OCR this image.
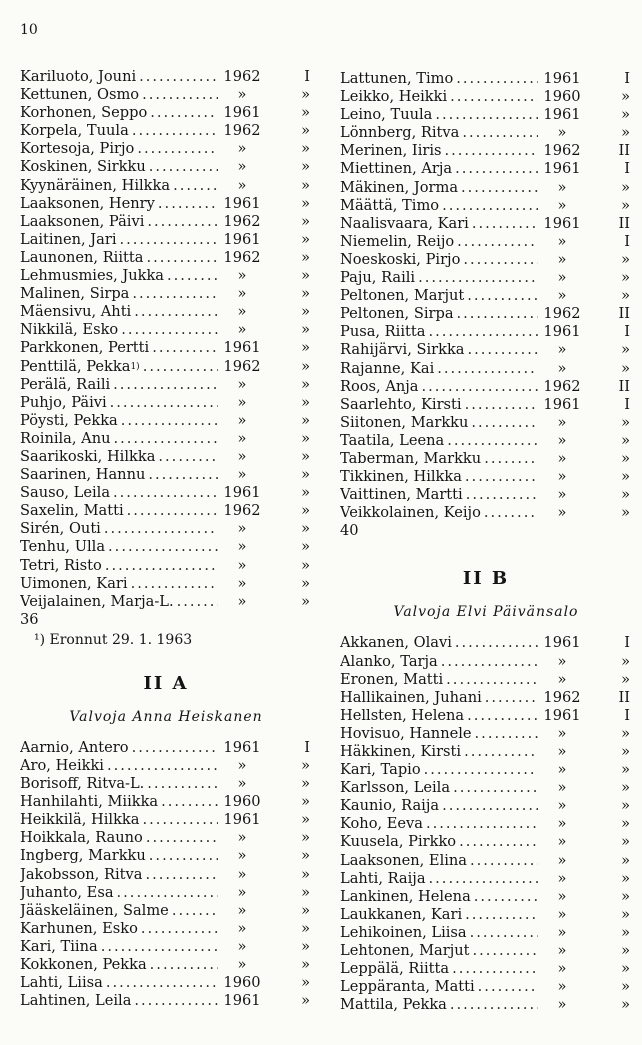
10
Kariluoto, Jouni .....	1962	I
Kettunen, Osmo .....	»	»
Korhonen, Seppo .....	1961	»
Korpela, Tuula .....	1962	»
Kortesoja, Pirjo .....	»	»
Koskinen, Sirkku .....	»	»
Kyynäräinen, Hilkka .....	»	»
Laaksonen, Henry .....	1961	»
Laaksonen, Päivi .....	1962	»
Laitinen, Jari .....	1961	»
Launonen, Riitta .....	1962	»
Lehmusmies, Jukka .....	»	»
Malinen, Sirpa .....	»	»
Mäensivu, Ahti .....	»	»
Nikkilä, Esko .....	»	»
Parkkonen, Pertti .....	1961	»
Penttilä, Pekka 1) .....	1962	»
Perälä, Raili .....	»	»
Puhjo, Päivi .....	»	»
Pöysti, Pekka .....	»	»
Roinila, Anu .....	»	»
Saarikoski, Hilkka .....	»	»
Saarinen, Hannu .....	»	»
Sauso, Leila .....	1961	»
Saxelin, Matti .....	1962	»
Sirén, Outi .....	»	»
Tenhu, Ulla .....	»	»
Tetri, Risto .....	»	»
Uimonen, Kari .....	»	»
Veijalainen, Marja-L. .....	»	»
36
¹) Eronnut 29. 1. 1963
II A
Valvoja Anna Heiskanen
Aarnio, Antero .....	1961	I
Aro, Heikki .....	»	»
Borisoff, Ritva-L. .....	»	»
Hanhilahti, Miikka .....	1960	»
Heikkilä, Hilkka .....	1961	»
Hoikkala, Rauno .....	»	»
Ingberg, Markku .....	»	»
Jakobsson, Ritva .....	»	»
Juhanto, Esa .....	»	»
Jääskeläinen, Salme .....	»	»
Karhunen, Esko .....	»	»
Kari, Tiina .....	»	»
Kokkonen, Pekka .....	»	»
Lahti, Liisa .....	1960	»
Lahtinen, Leila .....	1961	»
Lattunen, Timo .....	1961	I
Leikko, Heikki .....	1960	»
Leino, Tuula .....	1961	»
Lönnberg, Ritva .....	»	»
Merinen, Iiris .....	1962	II
Miettinen, Arja .....	1961	I
Mäkinen, Jorma .....	»	»
Määttä, Timo .....	»	»
Naalisvaara, Kari .....	1961	II
Niemelin, Reijo .....	»	I
Noeskoski, Pirjo .....	»	»
Paju, Raili .....	»	»
Peltonen, Marjut .....	»	»
Peltonen, Sirpa .....	1962	II
Pusa, Riitta .....	1961	I
Rahijärvi, Sirkka .....	»	»
Rajanne, Kai .....	»	»
Roos, Anja .....	1962	II
Saarlehto, Kirsti .....	1961	I
Siitonen, Markku .....	»	»
Taatila, Leena .....	»	»
Taberman, Markku .....	»	»
Tikkinen, Hilkka .....	»	»
Vaittinen, Martti .....	»	»
Veikkolainen, Keijo .....	»	»
40
II B
Valvoja Elvi Päivänsalo
Akkanen, Olavi .....	1961	I
Alanko, Tarja .....	»	»
Eronen, Matti .....	»	»
Hallikainen, Juhani .....	1962	II
Hellsten, Helena .....	1961	I
Hovisuo, Hannele .....	»	»
Häkkinen, Kirsti .....	»	»
Kari, Tapio .....	»	»
Karlsson, Leila .....	»	»
Kaunio, Raija .....	»	»
Koho, Eeva .....	»	»
Kuusela, Pirkko .....	»	»
Laaksonen, Elina .....	»	»
Lahti, Raija .....	»	»
Lankinen, Helena .....	»	»
Laukkanen, Kari .....	»	»
Lehikoinen, Liisa .....	»	»
Lehtonen, Marjut .....	»	»
Leppälä, Riitta .....	»	»
Leppäranta, Matti .....	»	»
Mattila, Pekka .....	»	»
